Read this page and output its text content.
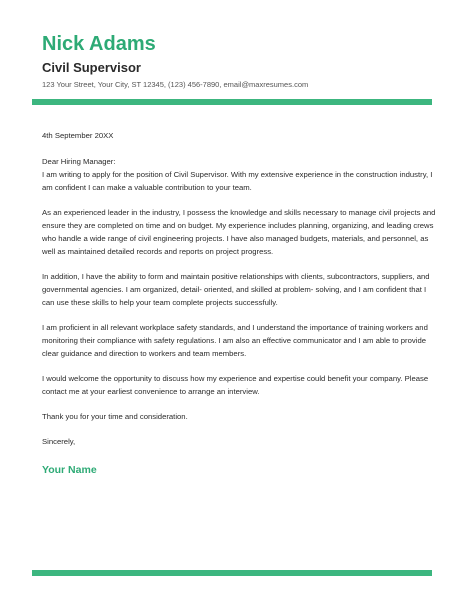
Nick Adams
Civil Supervisor
123 Your Street, Your City, ST 12345, (123) 456-7890, email@maxresumes.com

4th September 20XX

Dear Hiring Manager:

I am writing to apply for the position of Civil Supervisor. With my extensive experience in the construction industry, I am confident I can make a valuable contribution to your team.

As an experienced leader in the industry, I possess the knowledge and skills necessary to manage civil projects and ensure they are completed on time and on budget. My experience includes planning, organizing, and leading crews who handle a wide range of civil engineering projects. I have also managed budgets, materials, and personnel, as well as maintained detailed records and reports on project progress.

In addition, I have the ability to form and maintain positive relationships with clients, subcontractors, suppliers, and governmental agencies. I am organized, detail- oriented, and skilled at problem- solving, and I am confident that I can use these skills to help your team complete projects successfully.

I am proficient in all relevant workplace safety standards, and I understand the importance of training workers and monitoring their compliance with safety regulations. I am also an effective communicator and I am able to provide clear guidance and direction to workers and team members.

I would welcome the opportunity to discuss how my experience and expertise could benefit your company. Please contact me at your earliest convenience to arrange an interview.

Thank you for your time and consideration.

Sincerely,

Your Name
